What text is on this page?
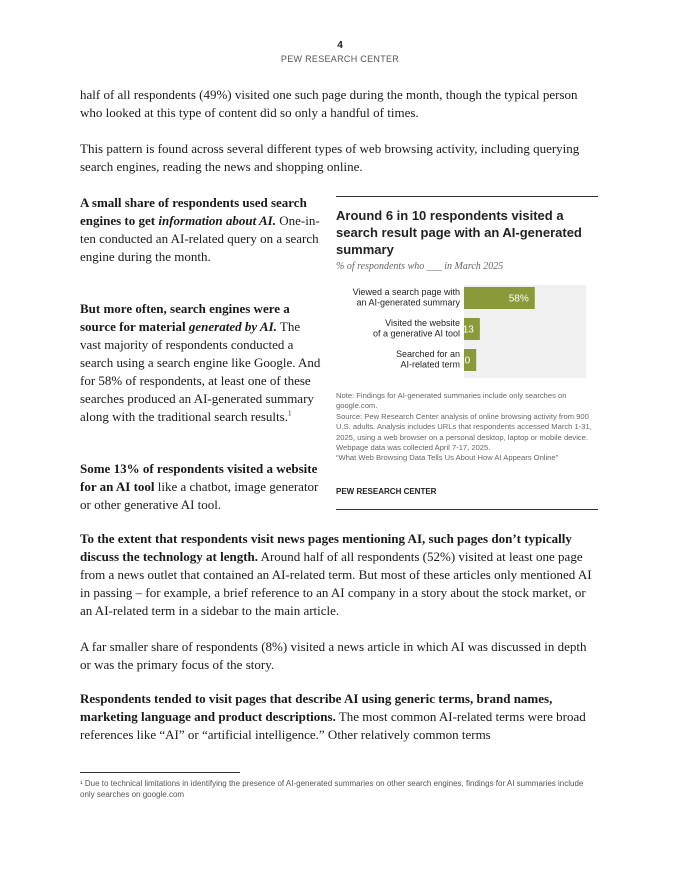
4
PEW RESEARCH CENTER

half of all respondents (49%) visited one such page during the month, though the typical person who looked at this type of content did so only a handful of times.

This pattern is found across several different types of web browsing activity, including querying search engines, reading the news and shopping online.

A small share of respondents used search engines to get information about AI. One-in-ten conducted an AI-related query on a search engine during the month.

But more often, search engines were a source for material generated by AI. The vast majority of respondents conducted a search using a search engine like Google. And for 58% of respondents, at least one of these searches produced an AI-generated summary along with the traditional search results.$^1$

Some 13% of respondents visited a website for an AI tool like a chatbot, image generator or other generative AI tool.

Around 6 in 10 respondents visited a search result page with an AI-generated summary
% of respondents who ___ in March 2025
58%
Viewed a search page with an AI-generated summary
13
Visited the website of a generative AI tool
10
Searched for an AI-related term
Note: Findings for AI-generated summaries include only searches on google.com.
Source: Pew Research Center analysis of online browsing activity from 900 U.S. adults. Analysis includes URLs that respondents accessed March 1-31, 2025, using a web browser on a personal desktop, laptop or mobile device. Webpage data was collected April 7-17, 2025.
“What Web Browsing Data Tells Us About How AI Appears Online”
PEW RESEARCH CENTER

To the extent that respondents visit news pages mentioning AI, such pages don’t typically discuss the technology at length. Around half of all respondents (52%) visited at least one page from a news outlet that contained an AI-related term. But most of these articles only mentioned AI in passing – for example, a brief reference to an AI company in a story about the stock market, or an AI-related term in a sidebar to the main article.

A far smaller share of respondents (8%) visited a news article in which AI was discussed in depth or was the primary focus of the story.

Respondents tended to visit pages that describe AI using generic terms, brand names, marketing language and product descriptions. The most common AI-related terms were broad references like “AI” or “artificial intelligence.” Other relatively common terms

¹ Due to technical limitations in identifying the presence of AI-generated summaries on other search engines, findings for AI summaries include only searches on google.com
